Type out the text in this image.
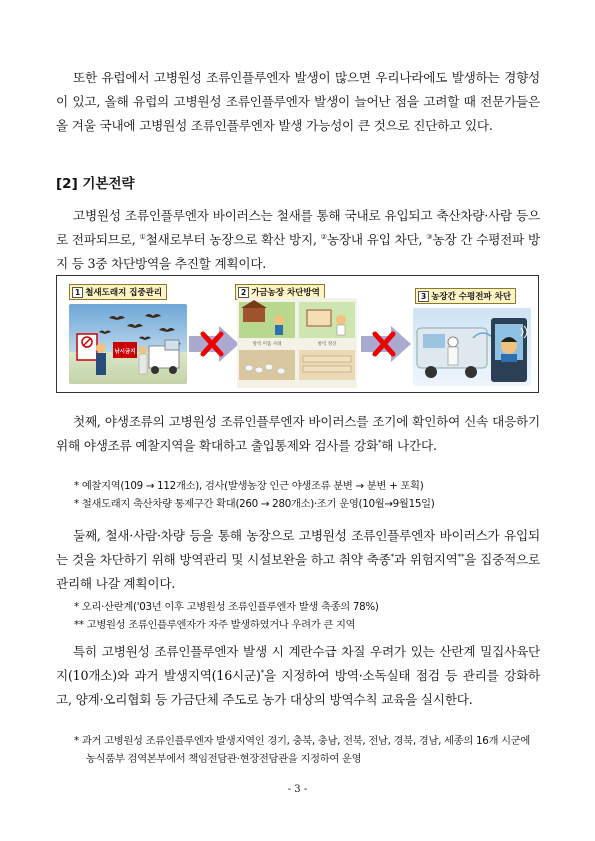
또한 유럽에서 고병원성 조류인플루엔자 발생이 많으면 우리나라에도 발생하는 경향성이 있고, 올해 유럽의 고병원성 조류인플루엔자 발생이 늘어난 점을 고려할 때 전문가들은 올 겨울 국내에 고병원성 조류인플루엔자 발생 가능성이 큰 것으로 진단하고 있다.

[2] 기본전략

고병원성 조류인플루엔자 바이러스는 철새를 통해 국내로 유입되고 축산차량·사람 등으로 전파되므로, ①철새로부터 농장으로 확산 방지, ②농장내 유입 차단, ③농장 간 수평전파 방지 등 3중 차단방역을 추진할 계획이다.

1 철새도래지 집중관리
낚시금지
2 가금농장 차단방역
방역 미흡 사례	방역 정상
3 농장간 수평전파 차단

첫째, 야생조류의 고병원성 조류인플루엔자 바이러스를 조기에 확인하여 신속 대응하기 위해 야생조류 예찰지역을 확대하고 출입통제와 검사를 강화*해 나간다.

* 예찰지역(109 → 112개소), 검사(발생농장 인근 야생조류 분변 → 분변 + 포획)
* 철새도래지 축산차량 통제구간 확대(260 → 280개소)·조기 운영(10월→9월15일)

둘째, 철새·사람·차량 등을 통해 농장으로 고병원성 조류인플루엔자 바이러스가 유입되는 것을 차단하기 위해 방역관리 및 시설보완을 하고 취약 축종*과 위험지역**을 집중적으로 관리해 나갈 계획이다.

* 오리·산란계('03년 이후 고병원성 조류인플루엔자 발생 축종의 78%)
** 고병원성 조류인플루엔자가 자주 발생하였거나 우려가 큰 지역

특히 고병원성 조류인플루엔자 발생 시 계란수급 차질 우려가 있는 산란계 밀집사육단지(10개소)와 과거 발생지역(16시군)*을 지정하여 방역·소독실태 점검 등 관리를 강화하고, 양계·오리협회 등 가금단체 주도로 농가 대상의 방역수칙 교육을 실시한다.

* 과거 고병원성 조류인플루엔자 발생지역인 경기, 충북, 충남, 전북, 전남, 경북, 경남, 세종의 16개 시군에 농식품부 검역본부에서 책임전담관·현장전담관을 지정하여 운영
- 3 -
